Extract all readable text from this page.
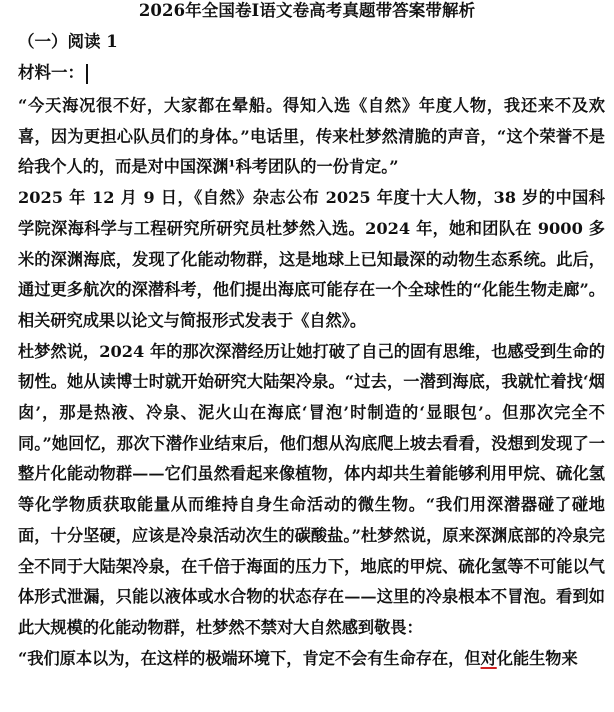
2026年全国卷Ⅰ语文卷高考真题带答案带解析
（一）阅读 1
材料一：

“今天海况很不好，大家都在晕船。得知入选《自然》年度人物，我还来不及欢喜，因为更担心队员们的身体。”电话里，传来杜梦然清脆的声音，“这个荣誉不是给我个人的，而是对中国深渊¹科考团队的一份肯定。”

2025 年 12 月 9 日，《自然》杂志公布 2025 年度十大人物，38 岁的中国科学院深海科学与工程研究所研究员杜梦然入选。2024 年，她和团队在 9000 多米的深渊海底，发现了化能动物群，这是地球上已知最深的动物生态系统。此后，通过更多航次的深潜科考，他们提出海底可能存在一个全球性的“化能生物走廊”。相关研究成果以论文与简报形式发表于《自然》。

杜梦然说，2024 年的那次深潜经历让她打破了自己的固有思维，也感受到生命的韧性。她从读博士时就开始研究大陆架冷泉。“过去，一潜到海底，我就忙着找‘烟囱’，那是热液、冷泉、泥火山在海底‘冒泡’时制造的‘显眼包’。但那次完全不同。”她回忆，那次下潜作业结束后，他们想从沟底爬上坡去看看，没想到发现了一整片化能动物群——它们虽然看起来像植物，体内却共生着能够利用甲烷、硫化氢等化学物质获取能量从而维持自身生命活动的微生物。“我们用深潜器碰了碰地面，十分坚硬，应该是冷泉活动次生的碳酸盐。”杜梦然说，原来深渊底部的冷泉完全不同于大陆架冷泉，在千倍于海面的压力下，地底的甲烷、硫化氢等不可能以气体形式泄漏，只能以液体或水合物的状态存在——这里的冷泉根本不冒泡。看到如此大规模的化能动物群，杜梦然不禁对大自然感到敬畏：

“我们原本以为，在这样的极端环境下，肯定不会有生命存在，但对化能生物来
